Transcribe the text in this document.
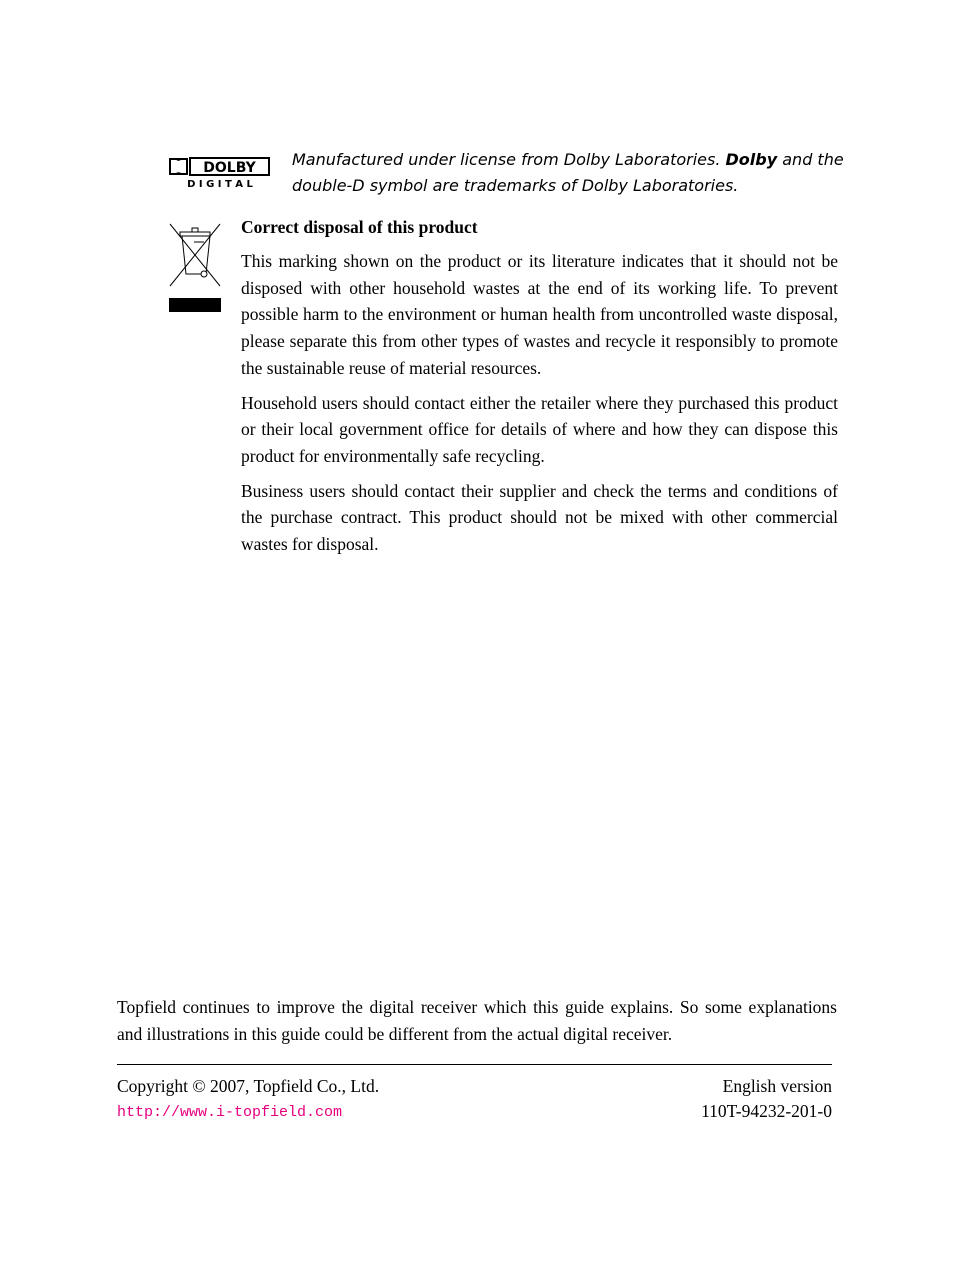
DOLBY
D I G I T A L

Manufactured under license from Dolby Laboratories. Dolby and the double-D symbol are trademarks of Dolby Laboratories.

Correct disposal of this product

This marking shown on the product or its literature indicates that it should not be disposed with other household wastes at the end of its working life. To prevent possible harm to the environment or human health from uncontrolled waste disposal, please separate this from other types of wastes and recycle it responsibly to promote the sustainable reuse of material resources.

Household users should contact either the retailer where they purchased this product or their local government office for details of where and how they can dispose this product for environmentally safe recycling.

Business users should contact their supplier and check the terms and conditions of the purchase contract. This product should not be mixed with other commercial wastes for disposal.

Topfield continues to improve the digital receiver which this guide explains. So some explanations and illustrations in this guide could be different from the actual digital receiver.

Copyright © 2007, Topfield Co., Ltd.
http://www.i-topfield.com
English version
110T-94232-201-0
